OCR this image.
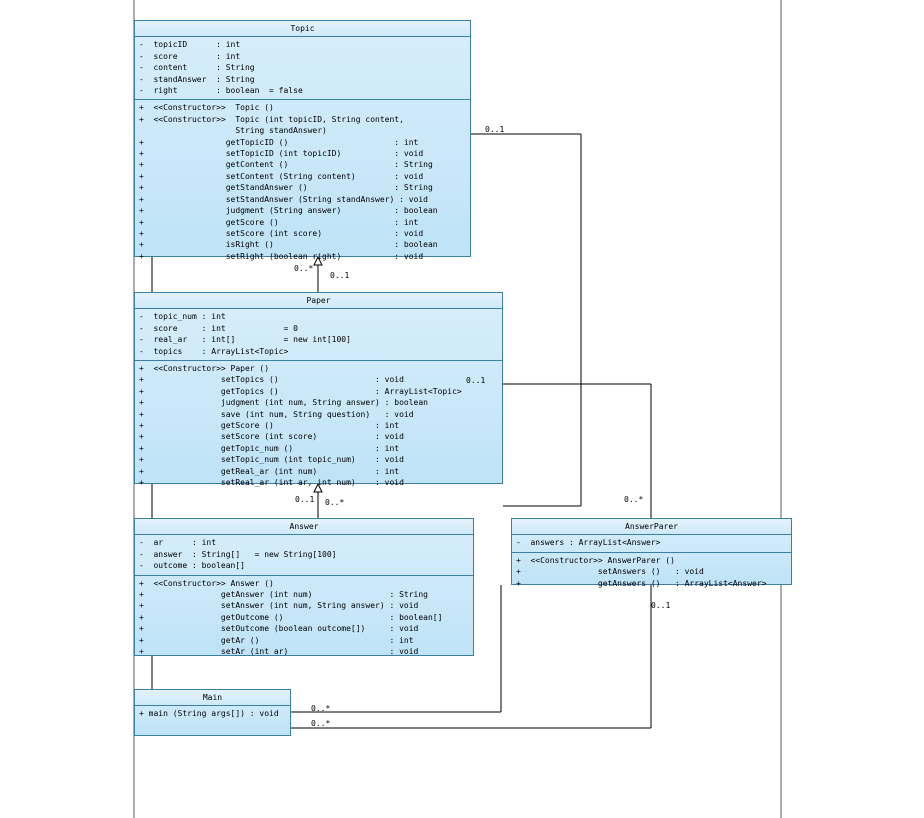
Topic
-  topicID      : int
-  score        : int
-  content      : String
-  standAnswer  : String
-  right        : boolean  = false
+  <<Constructor>>  Topic ()
+  <<Constructor>>  Topic (int topicID, String content,
String standAnswer)
+                 getTopicID ()                      : int
+                 setTopicID (int topicID)           : void
+                 getContent ()                      : String
+                 setContent (String content)        : void
+                 getStandAnswer ()                  : String
+                 setStandAnswer (String standAnswer) : void
+                 judgment (String answer)           : boolean
+                 getScore ()                        : int
+                 setScore (int score)               : void
+                 isRight ()                         : boolean
+                 setRight (boolean right)           : void
Paper
-  topic_num : int
-  score     : int            = 0
-  real_ar   : int[]          = new int[100]
-  topics    : ArrayList<Topic>
+  <<Constructor>> Paper ()
+                setTopics ()                    : void
+                getTopics ()                    : ArrayList<Topic>
+                judgment (int num, String answer) : boolean
+                save (int num, String question)   : void
+                getScore ()                     : int
+                setScore (int score)            : void
+                getTopic_num ()                 : int
+                setTopic_num (int topic_num)    : void
+                getReal_ar (int num)            : int
+                setReal_ar (int ar, int num)    : void
Answer
-  ar      : int
-  answer  : String[]   = new String[100]
-  outcome : boolean[]
+  <<Constructor>> Answer ()
+                getAnswer (int num)                : String
+                setAnswer (int num, String answer) : void
+                getOutcome ()                      : boolean[]
+                setOutcome (boolean outcome[])     : void
+                getAr ()                           : int
+                setAr (int ar)                     : void
AnswerParer
-  answers : ArrayList<Answer>
+  <<Constructor>> AnswerParer ()
+                setAnswers ()   : void
+                getAnswers ()   : ArrayList<Answer>
Main
+ main (String args[]) : void
0..1
0..*
0..1
0..1
0..1 0..*	0..*
0..1
0..*
0..*
